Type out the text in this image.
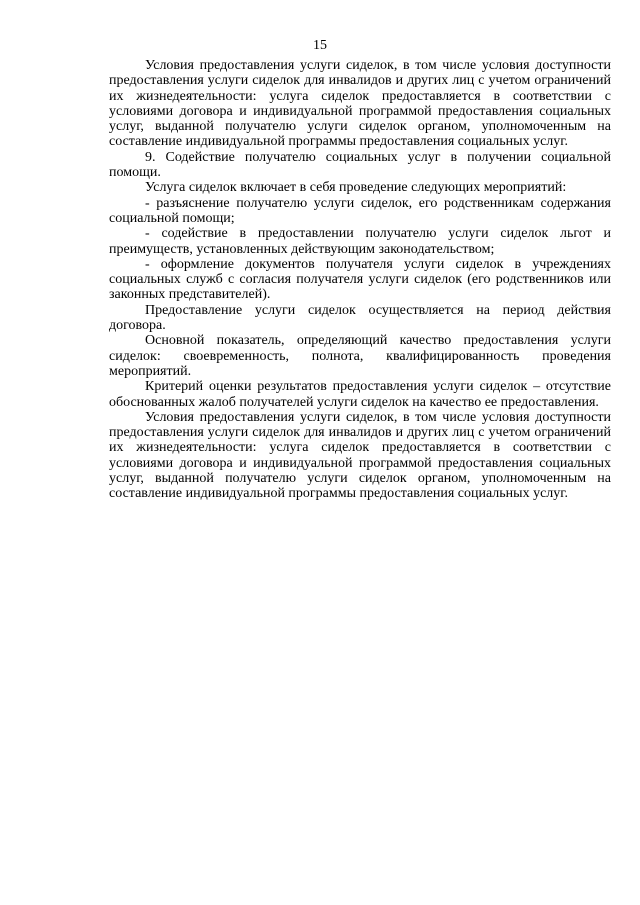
15

Условия предоставления услуги сиделок, в том числе условия доступности предоставления услуги сиделок для инвалидов и других лиц с учетом ограничений их жизнедеятельности: услуга сиделок предоставляется в соответствии с условиями договора и индивидуальной программой предоставления социальных услуг, выданной получателю услуги сиделок органом, уполномоченным на составление индивидуальной программы предоставления социальных услуг.

9. Содействие получателю социальных услуг в получении социальной помощи.

Услуга сиделок включает в себя проведение следующих мероприятий:

- разъяснение получателю услуги сиделок, его родственникам содержания социальной помощи;

- содействие в предоставлении получателю услуги сиделок льгот и преимуществ, установленных действующим законодательством;

- оформление документов получателя услуги сиделок в учреждениях социальных служб с согласия получателя услуги сиделок (его родственников или законных представителей).

Предоставление услуги сиделок осуществляется на период действия договора.

Основной показатель, определяющий качество предоставления услуги сиделок: своевременность, полнота, квалифицированность проведения мероприятий.

Критерий оценки результатов предоставления услуги сиделок – отсутствие обоснованных жалоб получателей услуги сиделок на качество ее предоставления.

Условия предоставления услуги сиделок, в том числе условия доступности предоставления услуги сиделок для инвалидов и других лиц с учетом ограничений их жизнедеятельности: услуга сиделок предоставляется в соответствии с условиями договора и индивидуальной программой предоставления социальных услуг, выданной получателю услуги сиделок органом, уполномоченным на составление индивидуальной программы предоставления социальных услуг.
